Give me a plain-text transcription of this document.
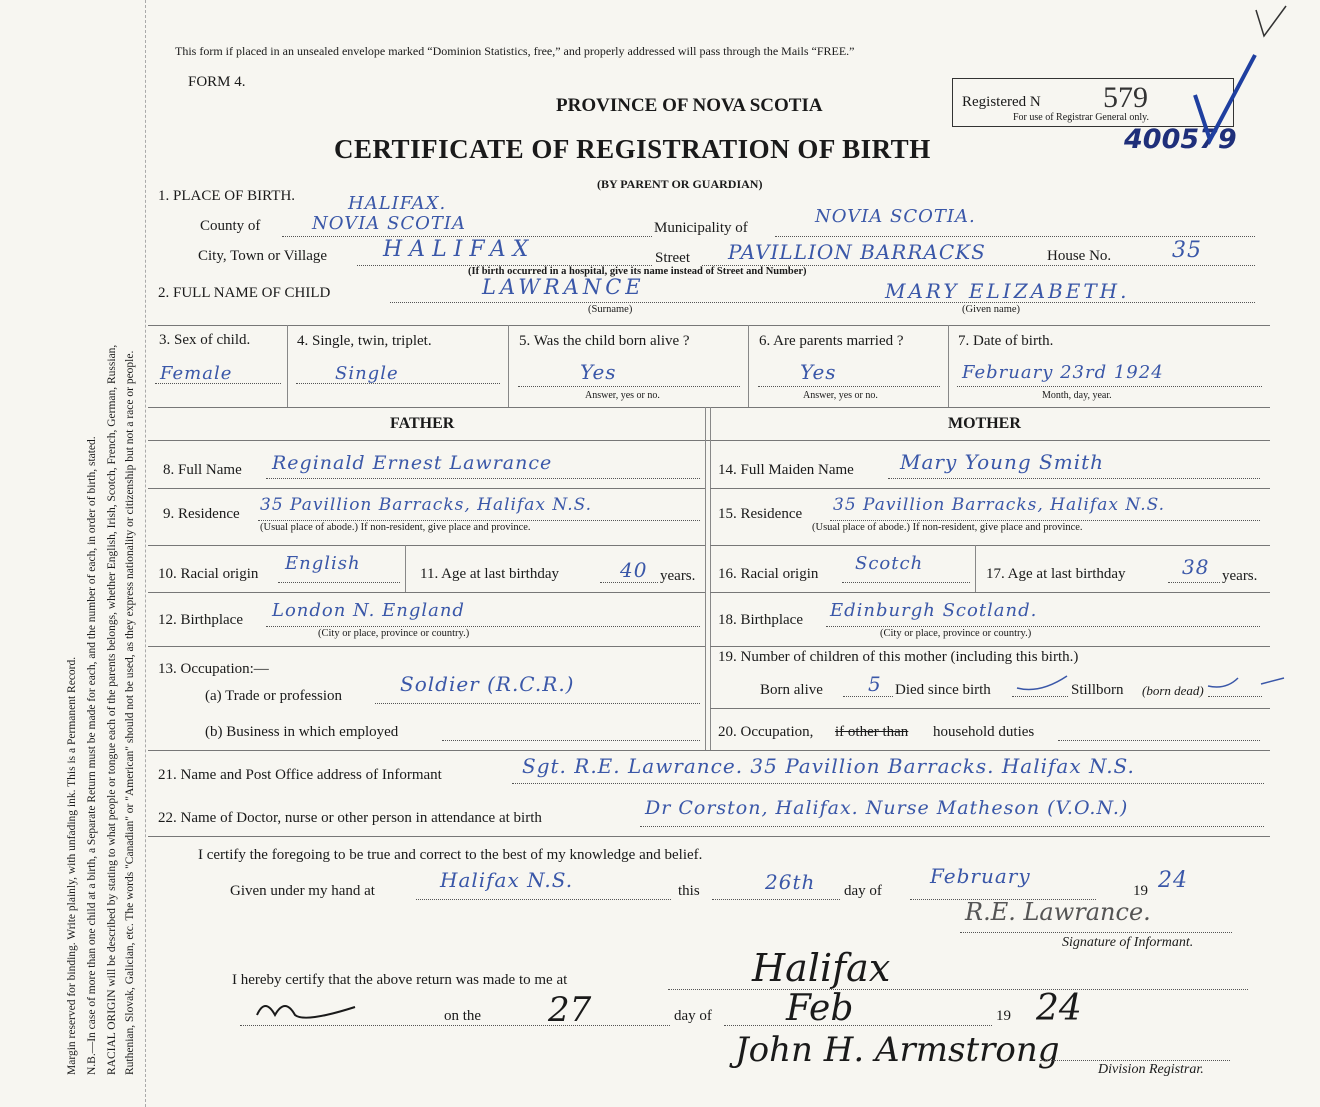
Margin reserved for binding. Write plainly, with unfading ink. This is a Permanent Record. N.B.—In case of more than one child at a birth, a Separate Return must be made for each, and the number of each, in order of birth, stated. RACIAL ORIGIN will be described by stating to what people or tongue each of the parents belongs, whether English, Irish, Scotch, French, German, Russian, Ruthenian, Slovak, Galician, etc. The words "Canadian" or "American" should not be used, as they express nationality or citizenship but not a race or people.
This form if placed in an unsealed envelope marked “Dominion Statistics, free,” and properly addressed will pass through the Mails “FREE.”
FORM 4.
PROVINCE OF NOVA SCOTIA
CERTIFICATE OF REGISTRATION OF BIRTH
(BY PARENT OR GUARDIAN)
Registered N 579
For use of Registrar General only.
400579
1. PLACE OF BIRTH.	HALIFAX.
County of	NOVIA SCOTIA	Municipality of
NOVIA SCOTIA.
City, Town or Village	HALIFAX	Street PAVILLION BARRACKS	House No.	35
(If birth occurred in a hospital, give its name instead of Street and Number)
2. FULL NAME OF CHILD	LAWRANCE	MARY ELIZABETH.
(Surname)	(Given name)
3. Sex of child.
Female
4. Single, twin, triplet.
Single
5. Was the child born alive ?
Yes
Answer, yes or no.
6. Are parents married ?
Yes
Answer, yes or no.
7. Date of birth.
February 23rd 1924
Month, day, year.
FATHER	MOTHER
8. Full Name Reginald Ernest Lawrance
9. Residence 35 Pavillion Barracks, Halifax N.S.
(Usual place of abode.) If non-resident, give place and province.
10. Racial origin English	11. Age at last birthday	40 years.
12. Birthplace London N. England
(City or place, province or country.)
13. Occupation:—
(a) Trade or profession	Soldier (R.C.R.)
(b) Business in which employed
14. Full Maiden Name Mary Young Smith
15. Residence 35 Pavillion Barracks, Halifax N.S.
(Usual place of abode.) If non-resident, give place and province.
16. Racial origin Scotch	17. Age at last birthday	38 years.
18. Birthplace Edinburgh Scotland.
(City or place, province or country.)
19. Number of children of this mother (including this birth.)
Born alive 5 Died since birth	Stillborn (born dead)
20. Occupation, if other than household duties
21. Name and Post Office address of Informant	Sgt. R.E. Lawrance. 35 Pavillion Barracks. Halifax N.S.
22. Name of Doctor, nurse or other person in attendance at birth	Dr Corston, Halifax. Nurse Matheson (V.O.N.)
I certify the foregoing to be true and correct to the best of my knowledge and belief.
Given under my hand at	Halifax N.S.	this	26th day of
February
19 24
R.E. Lawrance.
Signature of Informant.
I hereby certify that the above return was made to me at	Halifax
on the 27	day of Feb	19 24
John H. Armstrong	Division Registrar.
